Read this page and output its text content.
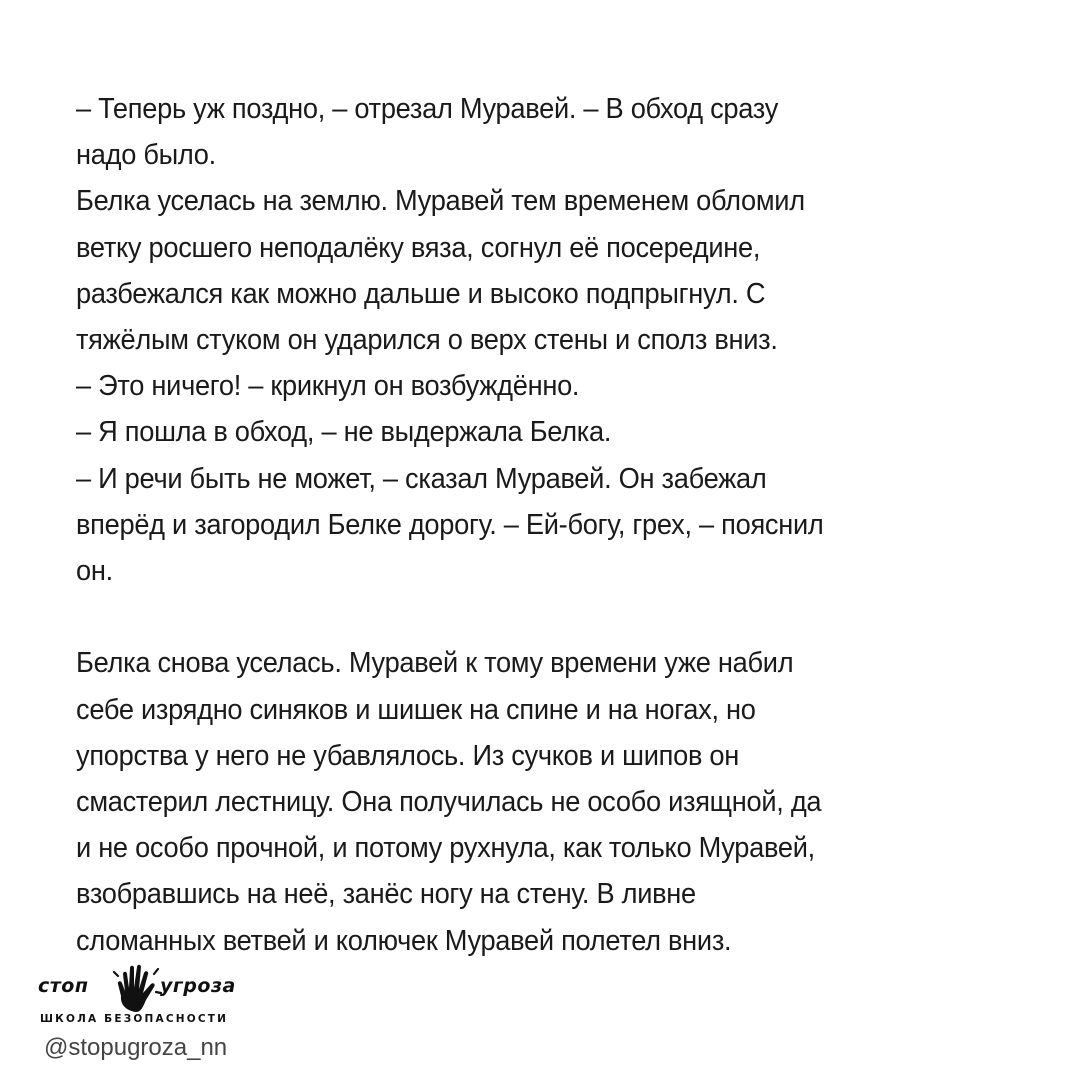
– Теперь уж поздно, – отрезал Муравей. – В обход сразу
надо было.
Белка уселась на землю. Муравей тем временем обломил
ветку росшего неподалёку вяза, согнул её посередине,
разбежался как можно дальше и высоко подпрыгнул. С
тяжёлым стуком он ударился о верх стены и сполз вниз.
– Это ничего! – крикнул он возбуждённо.
– Я пошла в обход, – не выдержала Белка.
– И речи быть не может, – сказал Муравей. Он забежал
вперёд и загородил Белке дорогу. – Ей-богу, грех, – пояснил
он.
Белка снова уселась. Муравей к тому времени уже набил
себе изрядно синяков и шишек на спине и на ногах, но
упорства у него не убавлялось. Из сучков и шипов он
смастерил лестницу. Она получилась не особо изящной, да
и не особо прочной, и потому рухнула, как только Муравей,
взобравшись на неё, занёс ногу на стену. В ливне
сломанных ветвей и колючек Муравей полетел вниз.
стоп	угроза
ШКОЛА БЕЗОПАСНОСТИ
@stopugroza_nn
